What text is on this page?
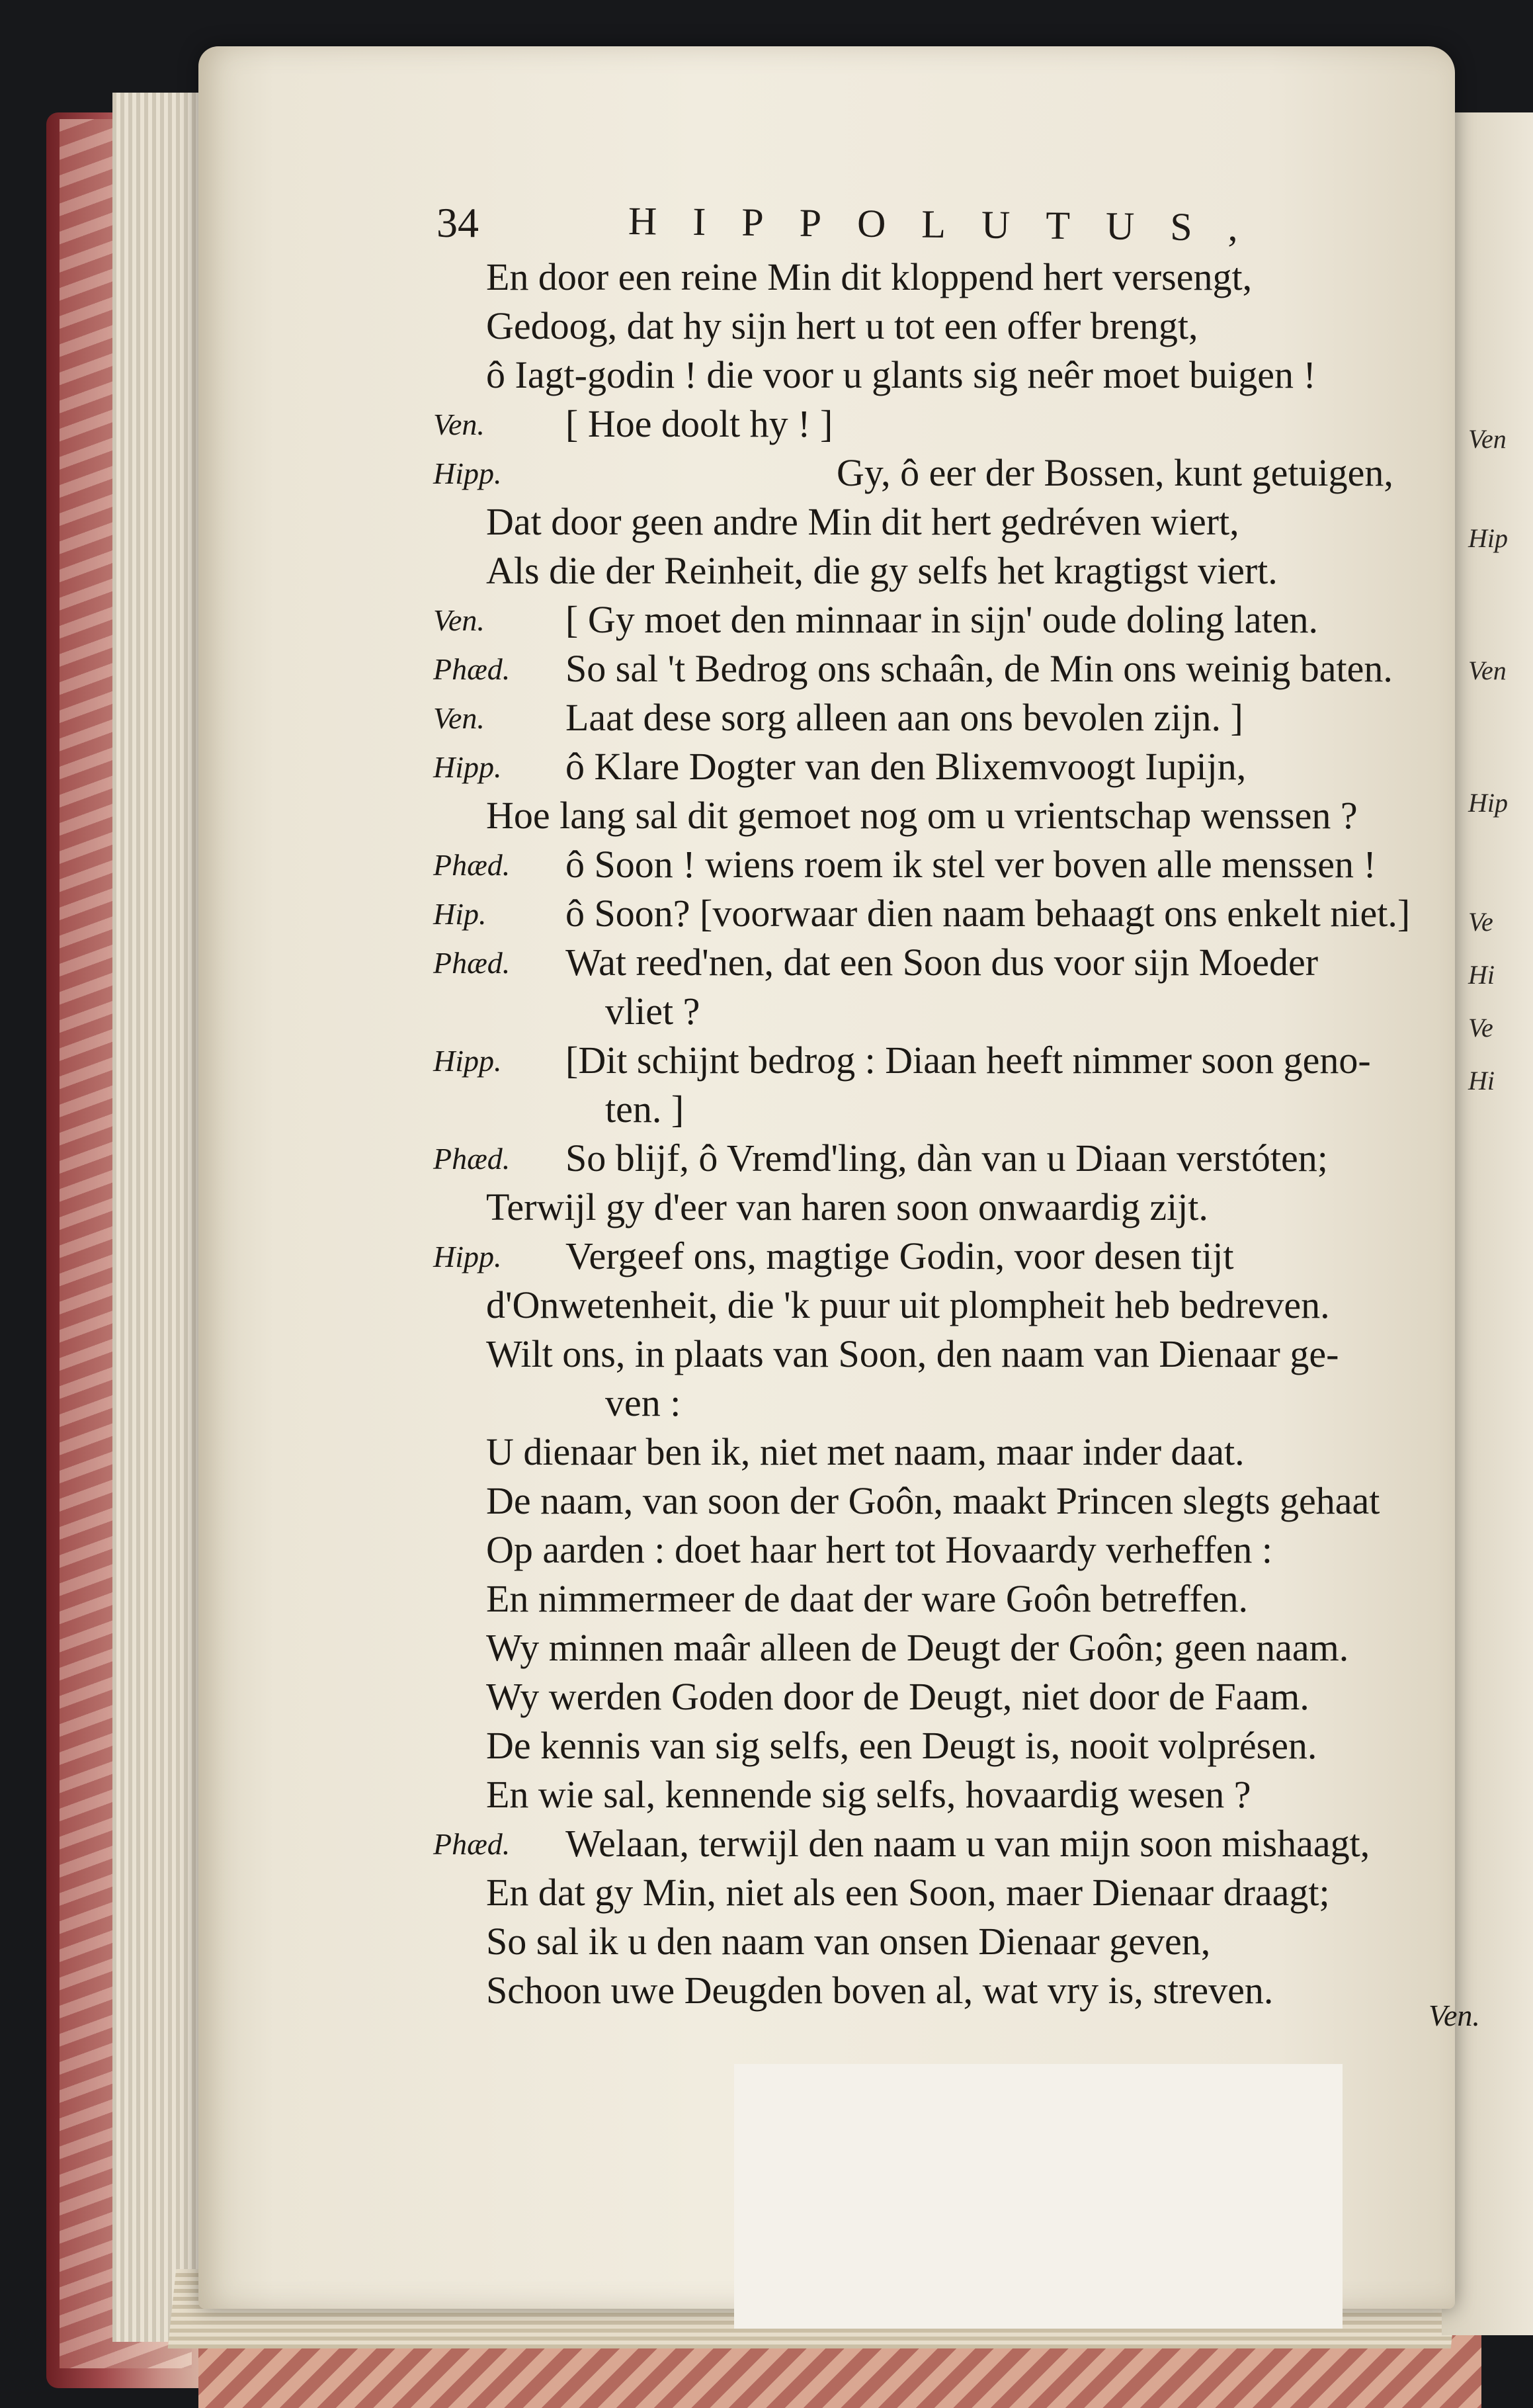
Ven
Hip
Ven
Hip
Ve
Hi
Ve
Hi
34	HIPPOLUTUS,
En door een reine Min dit kloppend hert versengt,
Gedoog, dat hy sijn hert u tot een offer brengt,
ô Iagt-godin ! die voor u glants sig neêr moet buigen !
Ven. [ Hoe doolt hy ! ]
Hipp.	Gy, ô eer der Bossen, kunt getuigen,
Dat door geen andre Min dit hert gedréven wiert,
Als die der Reinheit, die gy selfs het kragtigst viert.
Ven. [ Gy moet den minnaar in sijn' oude doling laten.
Phæd. So sal 't Bedrog ons schaân, de Min ons weinig baten.
Ven. Laat dese sorg alleen aan ons bevolen zijn. ]
Hipp. ô Klare Dogter van den Blixemvoogt Iupijn,
Hoe lang sal dit gemoet nog om u vrientschap wenssen ?
Phæd. ô Soon ! wiens roem ik stel ver boven alle menssen !
Hip. ô Soon? [voorwaar dien naam behaagt ons enkelt niet.]
Phæd. Wat reed'nen, dat een Soon dus voor sijn Moeder
vliet ?
Hipp. [Dit schijnt bedrog : Diaan heeft nimmer soon geno-
ten. ]
Phæd. So blijf, ô Vremd'ling, dàn van u Diaan verstóten;
Terwijl gy d'eer van haren soon onwaardig zijt.
Hipp. Vergeef ons, magtige Godin, voor desen tijt
d'Onwetenheit, die 'k puur uit plompheit heb bedreven.
Wilt ons, in plaats van Soon, den naam van Dienaar ge-
ven :
U dienaar ben ik, niet met naam, maar inder daat.
De naam, van soon der Goôn, maakt Princen slegts gehaat
Op aarden : doet haar hert tot Hovaardy verheffen :
En nimmermeer de daat der ware Goôn betreffen.
Wy minnen maâr alleen de Deugt der Goôn; geen naam.
Wy werden Goden door de Deugt, niet door de Faam.
De kennis van sig selfs, een Deugt is, nooit volprésen.
En wie sal, kennende sig selfs, hovaardig wesen ?
Phæd. Welaan, terwijl den naam u van mijn soon mishaagt,
En dat gy Min, niet als een Soon, maer Dienaar draagt;
So sal ik u den naam van onsen Dienaar geven,
Schoon uwe Deugden boven al, wat vry is, streven.
Ven.
